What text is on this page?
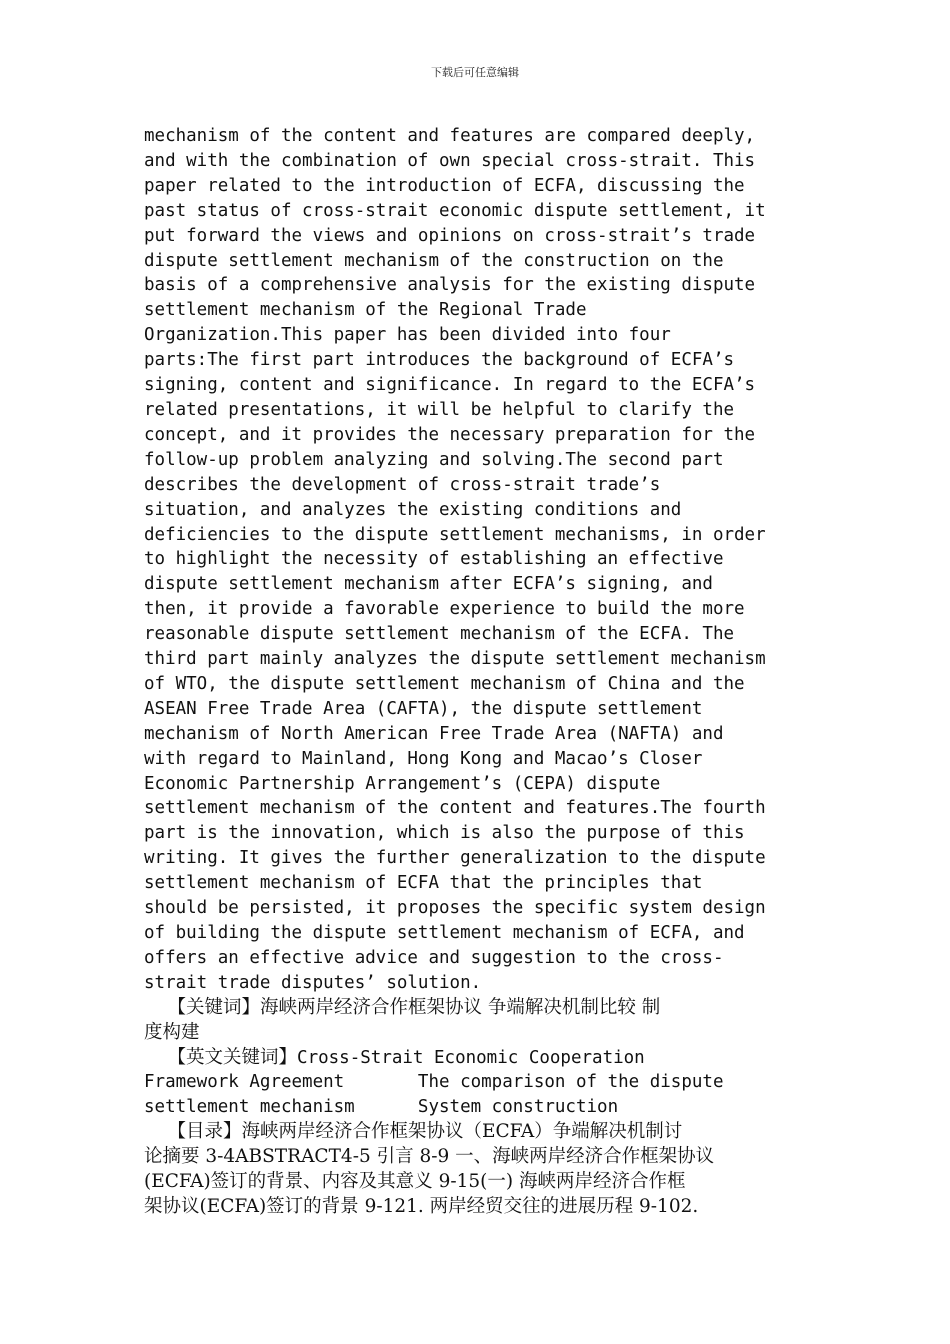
下载后可任意编辑
mechanism of the content and features are compared deeply,
and with the combination of own special cross-strait. This
paper related to the introduction of ECFA, discussing the
past status of cross-strait economic dispute settlement, it
put forward the views and opinions on cross-strait’s trade
dispute settlement mechanism of the construction on the
basis of a comprehensive analysis for the existing dispute
settlement mechanism of the Regional Trade
Organization.This paper has been divided into four
parts:The first part introduces the background of ECFA’s
signing, content and significance. In regard to the ECFA’s
related presentations, it will be helpful to clarify the
concept, and it provides the necessary preparation for the
follow-up problem analyzing and solving.The second part
describes the development of cross-strait trade’s
situation, and analyzes the existing conditions and
deficiencies to the dispute settlement mechanisms, in order
to highlight the necessity of establishing an effective
dispute settlement mechanism after ECFA’s signing, and
then, it provide a favorable experience to build the more
reasonable dispute settlement mechanism of the ECFA. The
third part mainly analyzes the dispute settlement mechanism
of WTO, the dispute settlement mechanism of China and the
ASEAN Free Trade Area (CAFTA), the dispute settlement
mechanism of North American Free Trade Area (NAFTA) and
with regard to Mainland, Hong Kong and Macao’s Closer
Economic Partnership Arrangement’s (CEPA) dispute
settlement mechanism of the content and features.The fourth
part is the innovation, which is also the purpose of this
writing. It gives the further generalization to the dispute
settlement mechanism of ECFA that the principles that
should be persisted, it proposes the specific system design
of building the dispute settlement mechanism of ECFA, and
offers an effective advice and suggestion to the cross-
strait trade disputes’ solution.
【关键词】海峡两岸经济合作框架协议 争端解决机制比较 制
度构建
【英文关键词】Cross-Strait Economic Cooperation
Framework Agreement       The comparison of the dispute
settlement mechanism      System construction
【目录】海峡两岸经济合作框架协议（ECFA）争端解决机制讨
论摘要 3-4ABSTRACT4-5 引言 8-9 一、海峡两岸经济合作框架协议
(ECFA)签订的背景、内容及其意义 9-15(一) 海峡两岸经济合作框
架协议(ECFA)签订的背景 9-121. 两岸经贸交往的进展历程 9-102.
